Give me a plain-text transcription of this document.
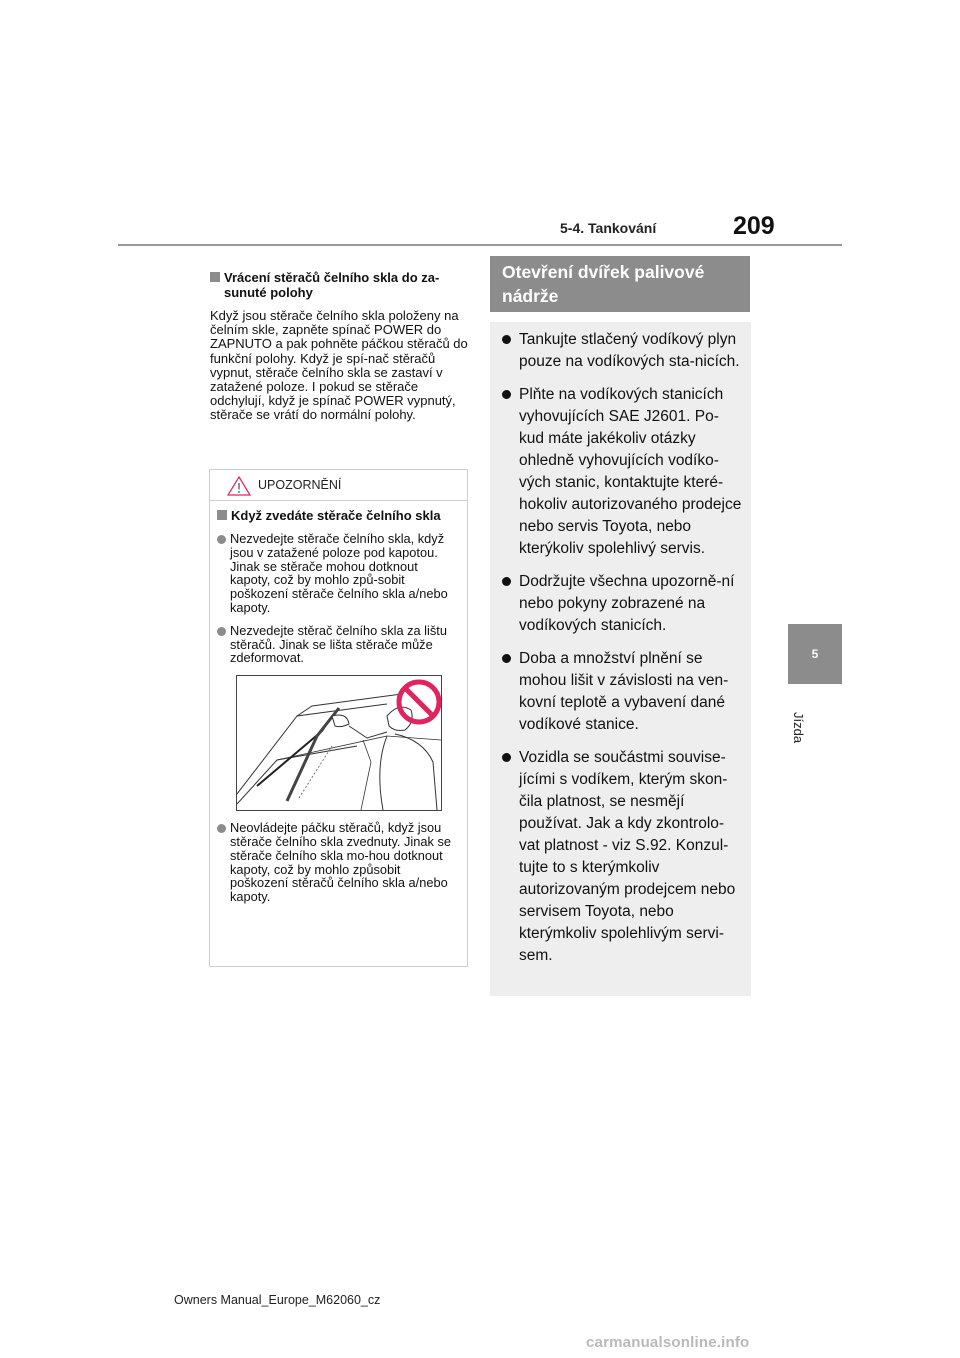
5-4. Tankování	209
5
Jízda
Vrácení stěračů čelního skla do za-sunuté polohy
Když jsou stěrače čelního skla položeny na čelním skle, zapněte spínač POWER do ZAPNUTO a pak pohněte páčkou stěračů do funkční polohy. Když je spí-nač stěračů vypnut, stěrače čelního skla se zastaví v zatažené poloze. I pokud se stěrače odchylují, když je spínač POWER vypnutý, stěrače se vrátí do normální polohy.
UPOZORNĚNÍ
Když zvedáte stěrače čelního skla
Nezvedejte stěrače čelního skla, když jsou v zatažené poloze pod kapotou. Jinak se stěrače mohou dotknout kapoty, což by mohlo způ-sobit poškození stěrače čelního skla a/nebo kapoty.
Nezvedejte stěrač čelního skla za lištu stěračů. Jinak se lišta stěrače může zdeformovat.
Neovládejte páčku stěračů, když jsou stěrače čelního skla zvednuty. Jinak se stěrače čelního skla mo-hou dotknout kapoty, což by mohlo způsobit poškození stěračů čelního skla a/nebo kapoty.
Otevření dvířek palivové nádrže
Tankujte stlačený vodíkový plyn pouze na vodíkových sta-nicích.
Plňte na vodíkových stanicích vyhovujících SAE J2601. Po-kud máte jakékoliv otázky ohledně vyhovujících vodíko-vých stanic, kontaktujte které-hokoliv autorizovaného prodejce nebo servis Toyota, nebo kterýkoliv spolehlivý servis.
Dodržujte všechna upozorně-ní nebo pokyny zobrazené na vodíkových stanicích.
Doba a množství plnění se mohou lišit v závislosti na ven-kovní teplotě a vybavení dané vodíkové stanice.
Vozidla se součástmi souvise-jícími s vodíkem, kterým skon-čila platnost, se nesmějí používat. Jak a kdy zkontrolo-vat platnost - viz S.92. Konzul-tujte to s kterýmkoliv autorizovaným prodejcem nebo servisem Toyota, nebo kterýmkoliv spolehlivým servi-sem.
Owners Manual_Europe_M62060_cz
carmanualsonline.info
